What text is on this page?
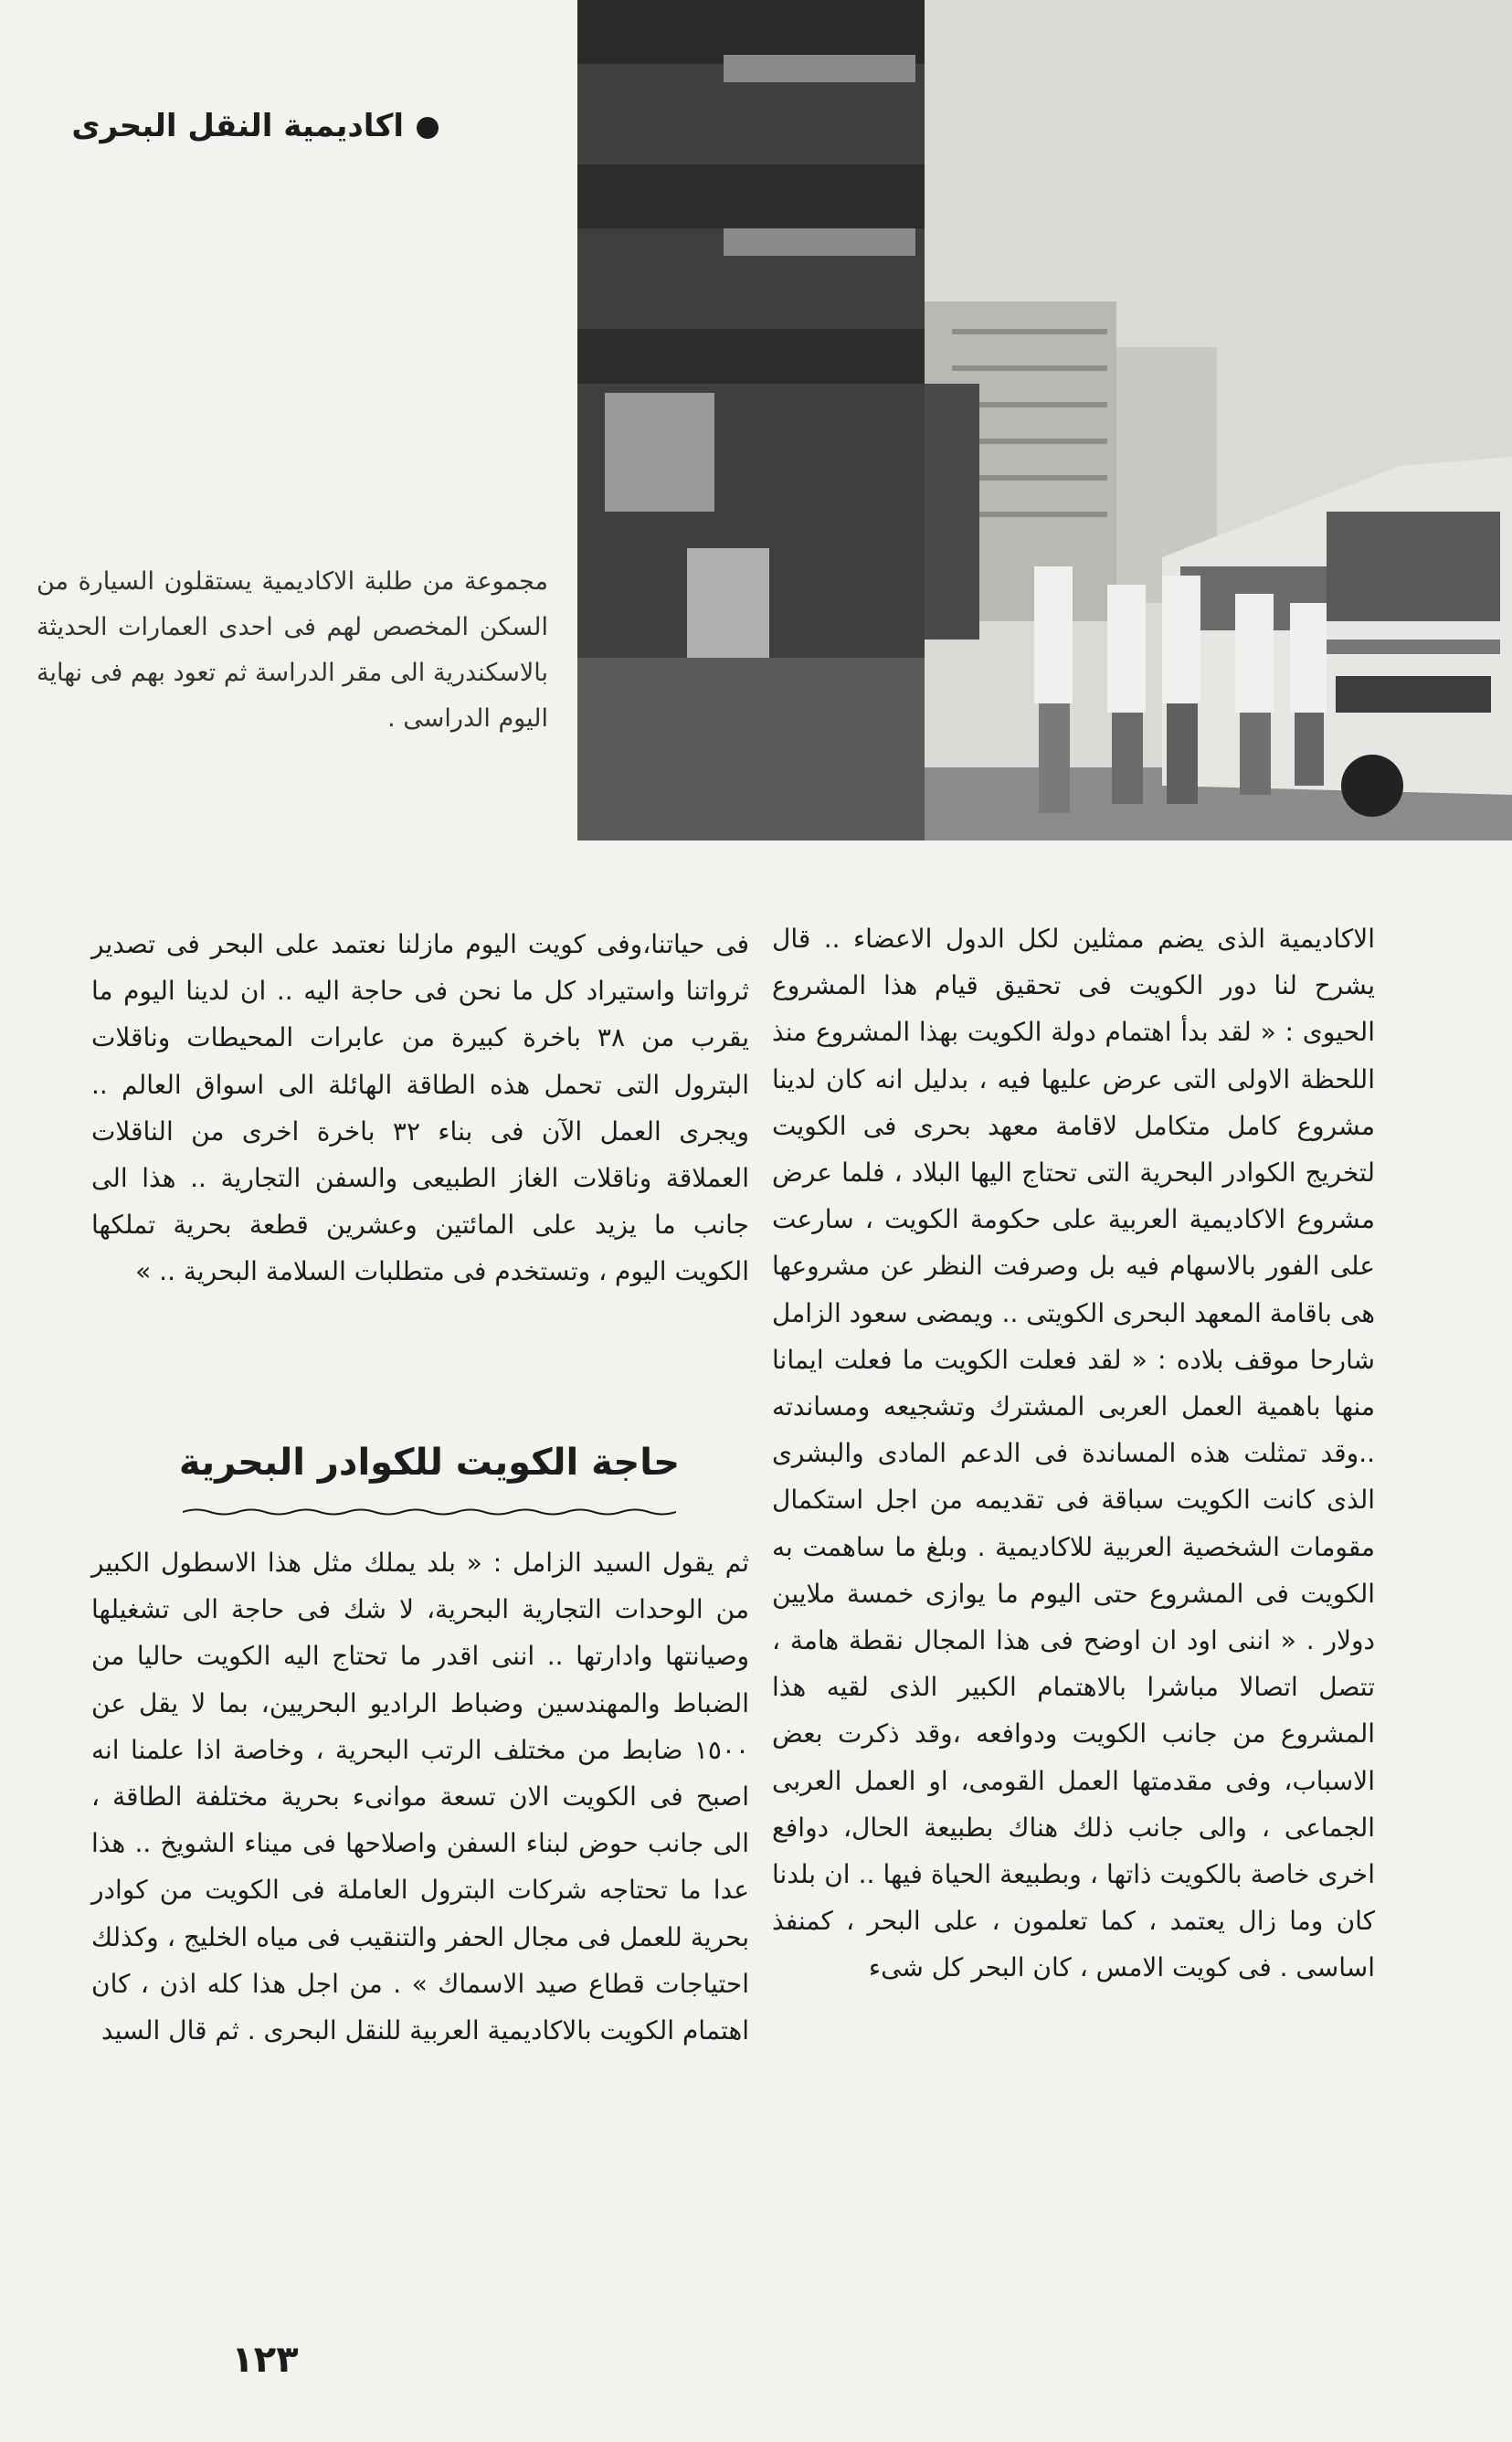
اكاديمية النقل البحرى

مجموعة من طلبة الاكاديمية يستقلون السيارة من السكن المخصص لهم فى احدى العمارات الحديثة بالاسكندرية الى مقر الدراسة ثم تعود بهم فى نهاية اليوم الدراسى .

الاكاديمية الذى يضم ممثلين لكل الدول الاعضاء .. قال يشرح لنا دور الكويت فى تحقيق قيام هذا المشروع الحيوى : « لقد بدأ اهتمام دولة الكويت بهذا المشروع منذ اللحظة الاولى التى عرض عليها فيه ، بدليل انه كان لدينا مشروع كامل متكامل لاقامة معهد بحرى فى الكويت لتخريج الكوادر البحرية التى تحتاج اليها البلاد ، فلما عرض مشروع الاكاديمية العربية على حكومة الكويت ، سارعت على الفور بالاسهام فيه بل وصرفت النظر عن مشروعها هى باقامة المعهد البحرى الكويتى .. ويمضى سعود الزامل شارحا موقف بلاده : « لقد فعلت الكويت ما فعلت ايمانا منها باهمية العمل العربى المشترك وتشجيعه ومساندته ..وقد تمثلت هذه المساندة فى الدعم المادى والبشرى الذى كانت الكويت سباقة فى تقديمه من اجل استكمال مقومات الشخصية العربية للاكاديمية . وبلغ ما ساهمت به الكويت فى المشروع حتى اليوم ما يوازى خمسة ملايين دولار . « اننى اود ان اوضح فى هذا المجال نقطة هامة ، تتصل اتصالا مباشرا بالاهتمام الكبير الذى لقيه هذا المشروع من جانب الكويت ودوافعه ،وقد ذكرت بعض الاسباب، وفى مقدمتها العمل القومى، او العمل العربى الجماعى ، والى جانب ذلك هناك بطبيعة الحال، دوافع اخرى خاصة بالكويت ذاتها ، وبطبيعة الحياة فيها .. ان بلدنا كان وما زال يعتمد ، كما تعلمون ، على البحر ، كمنفذ اساسى . فى كويت الامس ، كان البحر كل شىء

فى حياتنا،وفى كويت اليوم مازلنا نعتمد على البحر فى تصدير ثرواتنا واستيراد كل ما نحن فى حاجة اليه .. ان لدينا اليوم ما يقرب من ٣٨ باخرة كبيرة من عابرات المحيطات وناقلات البترول التى تحمل هذه الطاقة الهائلة الى اسواق العالم .. ويجرى العمل الآن فى بناء ٣٢ باخرة اخرى من الناقلات العملاقة وناقلات الغاز الطبيعى والسفن التجارية .. هذا الى جانب ما يزيد على المائتين وعشرين قطعة بحرية تملكها الكويت اليوم ، وتستخدم فى متطلبات السلامة البحرية .. »

حاجة الكويت للكوادر البحرية

ثم يقول السيد الزامل : « بلد يملك مثل هذا الاسطول الكبير من الوحدات التجارية البحرية، لا شك فى حاجة الى تشغيلها وصيانتها وادارتها .. اننى اقدر ما تحتاج اليه الكويت حاليا من الضباط والمهندسين وضباط الراديو البحريين، بما لا يقل عن ١٥٠٠ ضابط من مختلف الرتب البحرية ، وخاصة اذا علمنا انه اصبح فى الكويت الان تسعة موانىء بحرية مختلفة الطاقة ، الى جانب حوض لبناء السفن واصلاحها فى ميناء الشويخ .. هذا عدا ما تحتاجه شركات البترول العاملة فى الكويت من كوادر بحرية للعمل فى مجال الحفر والتنقيب فى مياه الخليج ، وكذلك احتياجات قطاع صيد الاسماك » . من اجل هذا كله اذن ، كان اهتمام الكويت بالاكاديمية العربية للنقل البحرى . ثم قال السيد

١٢٣
